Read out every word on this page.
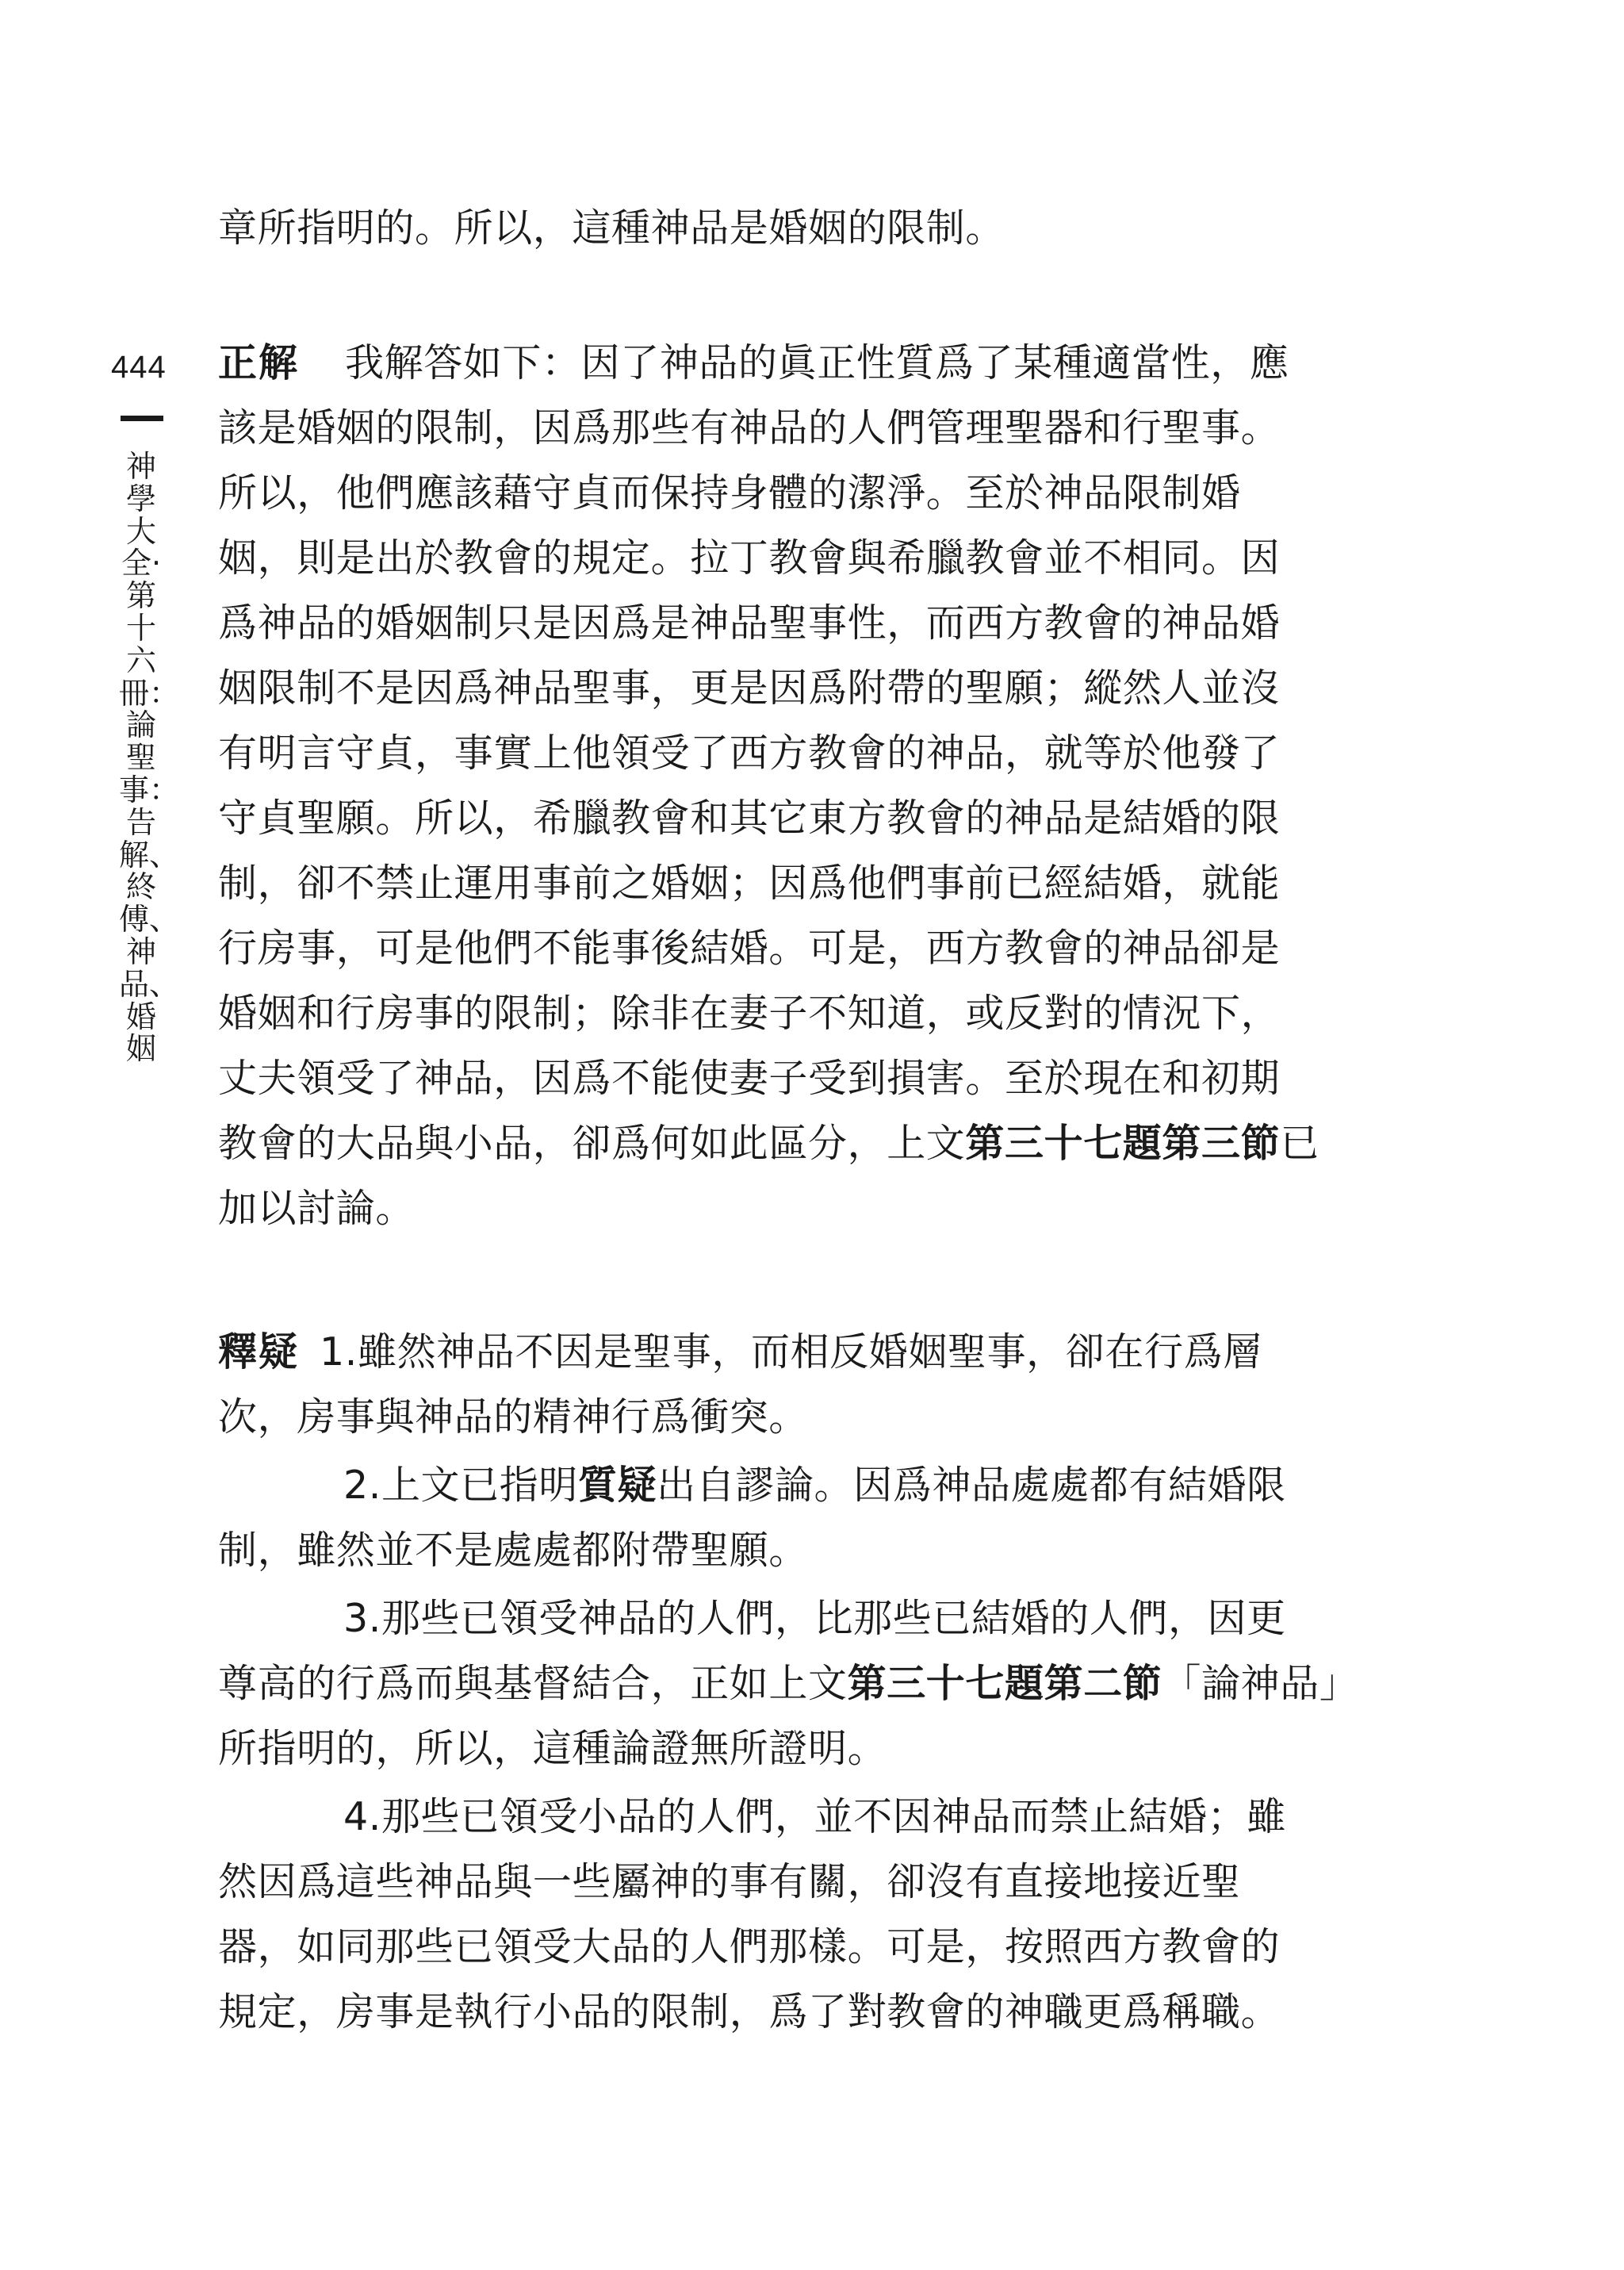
444
神學大全·第十六冊：論聖事：告解、終傅、神品、婚姻
章所指明的。所以，這種神品是婚姻的限制。
正解 我解答如下：因了神品的眞正性質爲了某種適當性，應
該是婚姻的限制，因爲那些有神品的人們管理聖器和行聖事。
所以，他們應該藉守貞而保持身體的潔淨。至於神品限制婚
姻，則是出於教會的規定。拉丁教會與希臘教會並不相同。因
爲神品的婚姻制只是因爲是神品聖事性，而西方教會的神品婚
姻限制不是因爲神品聖事，更是因爲附帶的聖願；縱然人並沒
有明言守貞，事實上他領受了西方教會的神品，就等於他發了
守貞聖願。所以，希臘教會和其它東方教會的神品是結婚的限
制，卻不禁止運用事前之婚姻；因爲他們事前已經結婚，就能
行房事，可是他們不能事後結婚。可是，西方教會的神品卻是
婚姻和行房事的限制；除非在妻子不知道，或反對的情況下，
丈夫領受了神品，因爲不能使妻子受到損害。至於現在和初期
教會的大品與小品，卻爲何如此區分，上文第三十七題第三節已
加以討論。
釋疑 1.雖然神品不因是聖事，而相反婚姻聖事，卻在行爲層
次，房事與神品的精神行爲衝突。
2.上文已指明質疑出自謬論。因爲神品處處都有結婚限
制，雖然並不是處處都附帶聖願。
3.那些已領受神品的人們，比那些已結婚的人們，因更
尊高的行爲而與基督結合，正如上文第三十七題第二節「論神品」
所指明的，所以，這種論證無所證明。
4.那些已領受小品的人們，並不因神品而禁止結婚；雖
然因爲這些神品與一些屬神的事有關，卻沒有直接地接近聖
器，如同那些已領受大品的人們那樣。可是，按照西方教會的
規定，房事是執行小品的限制，爲了對教會的神職更爲稱職。
